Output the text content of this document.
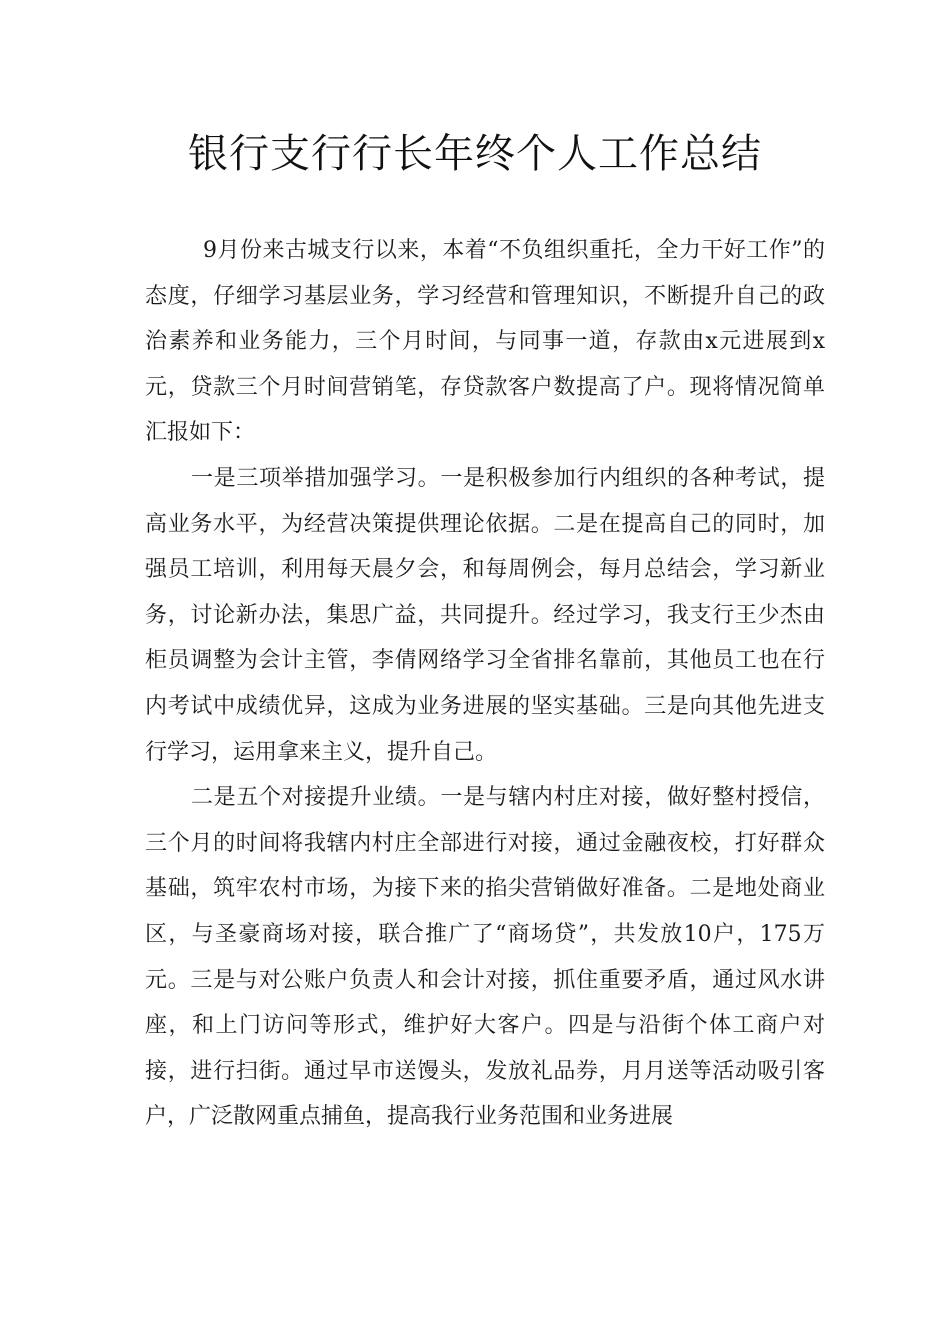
银行支行行长年终个人工作总结

9月份来古城支行以来，本着“不负组织重托，全力干好工作”的态度，仔细学习基层业务，学习经营和管理知识，不断提升自己的政治素养和业务能力，三个月时间，与同事一道，存款由x元进展到x元，贷款三个月时间营销笔，存贷款客户数提高了户。现将情况简单汇报如下：

一是三项举措加强学习。一是积极参加行内组织的各种考试，提高业务水平，为经营决策提供理论依据。二是在提高自己的同时，加强员工培训，利用每天晨夕会，和每周例会，每月总结会，学习新业务，讨论新办法，集思广益，共同提升。经过学习，我支行王少杰由柜员调整为会计主管，李倩网络学习全省排名靠前，其他员工也在行内考试中成绩优异，这成为业务进展的坚实基础。三是向其他先进支行学习，运用拿来主义，提升自己。

二是五个对接提升业绩。一是与辖内村庄对接，做好整村授信，三个月的时间将我辖内村庄全部进行对接，通过金融夜校，打好群众基础，筑牢农村市场，为接下来的掐尖营销做好准备。二是地处商业区，与圣豪商场对接，联合推广了“商场贷”，共发放10户，175万元。三是与对公账户负责人和会计对接，抓住重要矛盾，通过风水讲座，和上门访问等形式，维护好大客户。四是与沿街个体工商户对接，进行扫街。通过早市送馒头，发放礼品券，月月送等活动吸引客户，广泛散网重点捕鱼，提高我行业务范围和业务进展
